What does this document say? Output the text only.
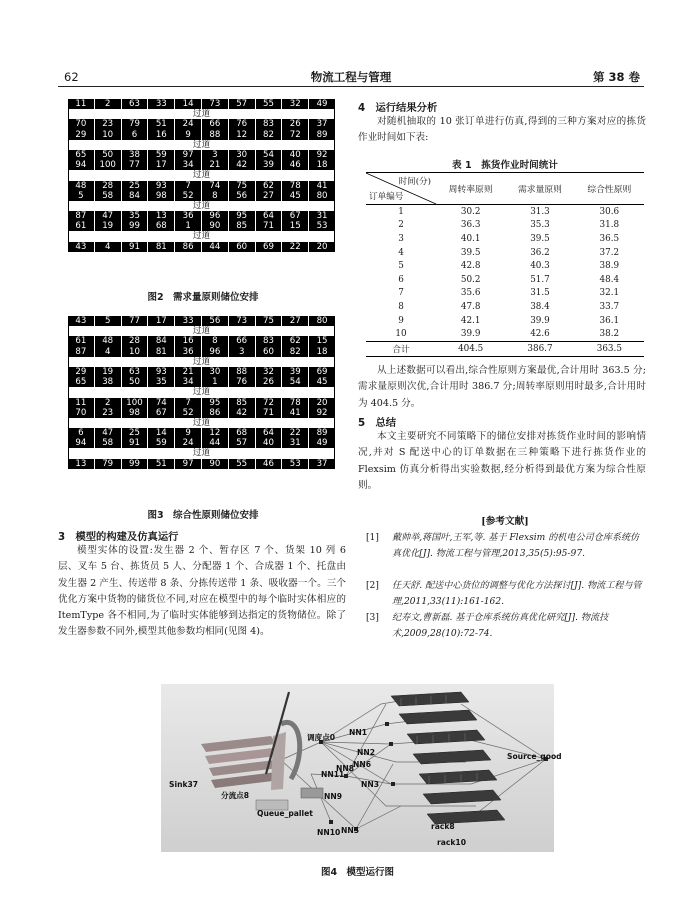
62	物流工程与管理	第 38 卷
11	2	63	33	14	73	57	55	32	49
过道
70	23	79	51	24	66	76	83	26	37
29	10	6	16	9	88	12	82	72	89
过道
65	50	38	59	97	3	30	54	40	92
94	100	77	17	34	21	42	39	46	18
过道
48	28	25	93	7	74	75	62	78	41
5	58	84	98	52	8	56	27	45	80
过道
87	47	35	13	36	96	95	64	67	31
61	19	99	68	1	90	85	71	15	53
过道
43	4	91	81	86	44	60	69	22	20
图2　需求量原则储位安排
43	5	77	17	33	56	73	75	27	80
过道
61	48	28	84	16	8	66	83	62	15
87	4	10	81	36	96	3	60	82	18
过道
29	19	63	93	21	30	88	32	39	69
65	38	50	35	34	1	76	26	54	45
过道
11	2	100	74	7	95	85	72	78	20
70	23	98	67	52	86	42	71	41	92
过道
6	47	25	14	9	12	68	64	22	89
94	58	91	59	24	44	57	40	31	49
过道
13	79	99	51	97	90	55	46	53	37
图3　综合性原则储位安排
3　模型的构建及仿真运行
模型实体的设置:发生器 2 个、暂存区 7 个、货架 10 列 6 层、叉车 5 台、拣货员 5 人、分配器 1 个、合成器 1 个、托盘由发生器 2 产生、传送带 8 条、分拣传送带 1 条、吸收器一个。三个优化方案中货物的储货位不同,对应在模型中的每个临时实体相应的 ItemType 各不相同,为了临时实体能够到达指定的货物储位。除了发生器参数不同外,模型其他参数均相同(见图 4)。
4　运行结果分析
对随机抽取的 10 张订单进行仿真,得到的三种方案对应的拣货作业时间如下表:
表 1　拣货作业时间统计
时间(分)
订单编号	周转率原则	需求量原则	综合性原则
1	30.2	31.3	30.6
2	36.3	35.3	31.8
3	40.1	39.5	36.5
4	39.5	36.2	37.2
5	42.8	40.3	38.9
6	50.2	51.7	48.4
7	35.6	31.5	32.1
8	47.8	38.4	33.7
9	42.1	39.9	36.1
10	39.9	42.6	38.2
合计	404.5	386.7	363.5
从上述数据可以看出,综合性原则方案最优,合计用时 363.5 分;需求量原则次优,合计用时 386.7 分;周转率原则用时最多,合计用时为 404.5 分。
5　总结
本文主要研究不同策略下的储位安排对拣货作业时间的影响情况,并对 S 配送中心的订单数据在三种策略下进行拣货作业的 Flexsim 仿真分析得出实验数据,经分析得到最优方案为综合性原则。
[参考文献]
[1] 戴帅举,蒋国叶,王军,等. 基于 Flexsim 的机电公司仓库系统仿真优化[J]. 物流工程与管理,2013,35(5):95-97.
[2] 任天舒. 配送中心货位的调整与优化方法探讨[J]. 物流工程与管理,2011,33(11):161-162.
[3] 纪寿文,曹新磊. 基于仓库系统仿真优化研究[J]. 物流技术,2009,28(10):72-74.
Sink37
分流点8
Queue_pallet
调度点0
NN11
NN9
NN10 NN5
NN8
NN2
NN6
NN3
NN1
Source_good
rack8
rack10
图4　模型运行图
